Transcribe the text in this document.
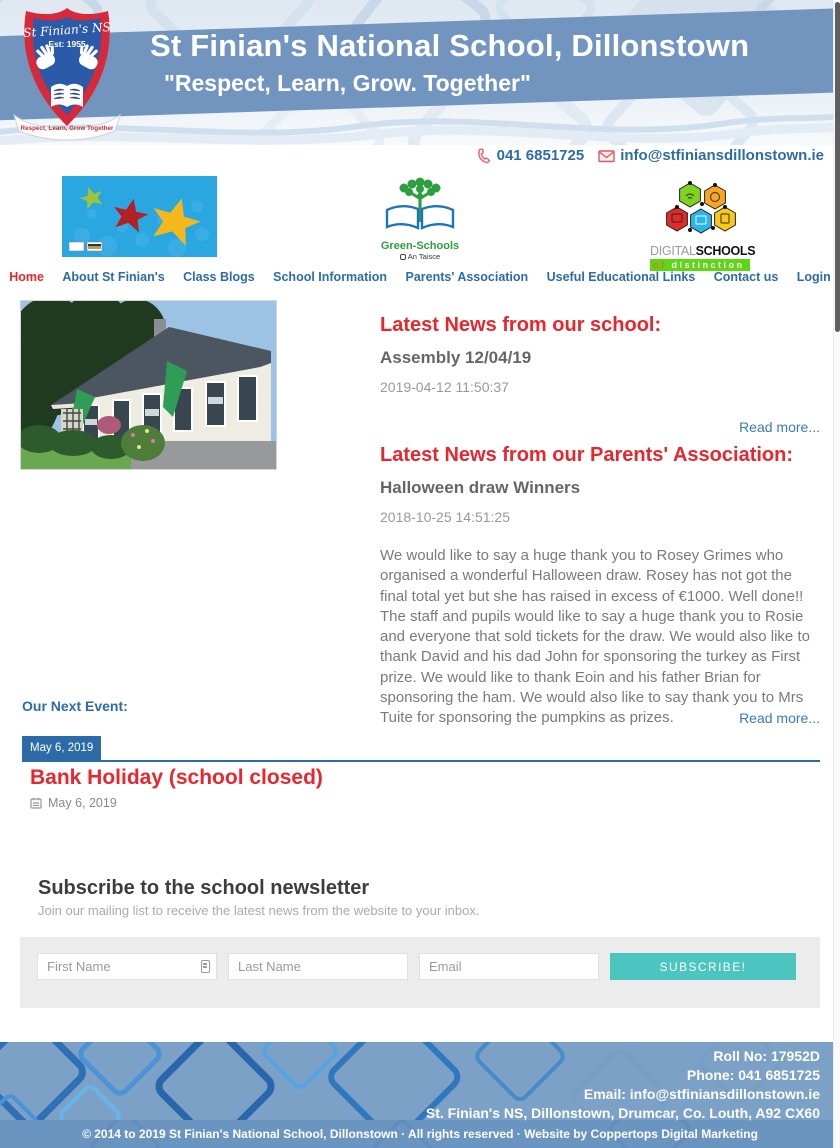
St Finian's National School, Dillonstown
"Respect, Learn, Grow. Together"
St Finian's NS
Est: 1955
Respect, Learn, Grow Together
041 6851725 info@stfiniansdillonstown.ie
Green-Schools
An Taisce	DIGITALSCHOOLS
of distinction
Home About St Finian's Class Blogs School Information Parents' Association Useful Educational Links Contact us Login
Latest News from our school:
Assembly 12/04/19
2019-04-12 11:50:37
Read more...
Latest News from our Parents' Association:
Halloween draw Winners
2018-10-25 14:51:25
We would like to say a huge thank you to Rosey Grimes who organised a wonderful Halloween draw. Rosey has not got the final total yet but she has raised in excess of €1000. Well done!! The staff and pupils would like to say a huge thank you to Rosie and everyone that sold tickets for the draw. We would also like to thank David and his dad John for sponsoring the turkey as First prize. We would like to thank Eoin and his father Brian for sponsoring the ham. We would also like to say thank you to Mrs Tuite for sponsoring the pumpkins as prizes.	Read more...
Our Next Event:
May 6, 2019
Bank Holiday (school closed)
May 6, 2019
Subscribe to the school newsletter
Join our mailing list to receive the latest news from the website to your inbox.
First Name
Last Name
Email
SUBSCRIBE!
Roll No: 17952D
Phone: 041 6851725
Email: info@stfiniansdillonstown.ie
St. Finian's NS, Dillonstown, Drumcar, Co. Louth, A92 CX60
© 2014 to 2019 St Finian's National School, Dillonstown · All rights reserved · Website by Coppertops Digital Marketing
